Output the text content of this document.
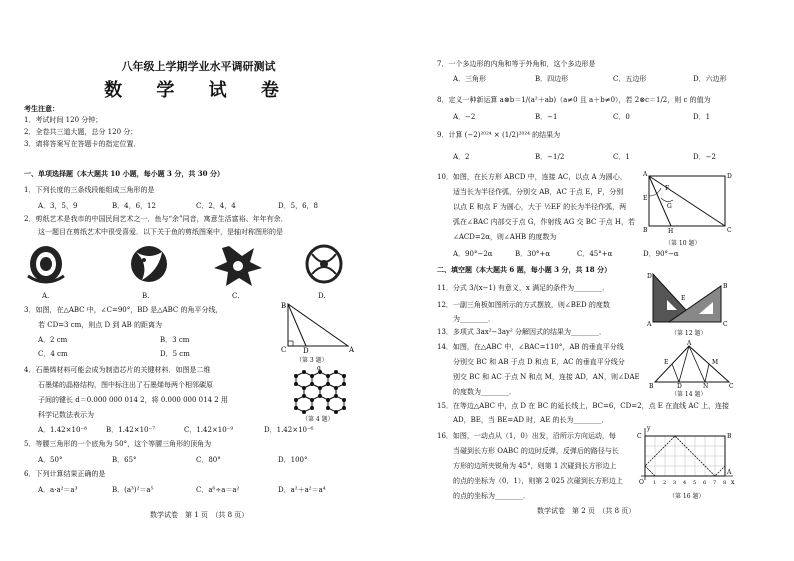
八年级上学期学业水平调研测试
数 学 试 卷
考生注意：
1．考试时间 120 分钟；
2．全卷共三道大题，总分 120 分；
3．请将答案写在答题卡的指定位置．
一、单项选择题（本大题共 10 小题，每小题 3 分，共 30 分）
1．下列长度的三条线段能组成三角形的是
A．3，5，9	B．4，6，12	C．2，4，4	D．5，6，8
2．剪纸艺术是我市的中国民间艺术之一．鱼与“余”同音，寓意生活富裕、年年有余．
这一题目在剪纸艺术中很受喜爱．以下关于鱼的剪纸图案中，是轴对称图形的是
A.	B.	C.	D.
3．如图，在△ABC 中，∠C=90°，BD 是△ABC 的角平分线，
若 CD=3 cm，则点 D 到 AB 的距离为
A．2 cm	B．3 cm
C．4 cm	D．5 cm
B
D
C	A
（第 3 题）
4．石墨烯材料可能会成为制造芯片的关键材料．如图是二维
石墨烯的晶格结构，图中标注出了石墨烯每两个相邻碳原
子间的键长 d＝0.000 000 014 2，将 0.000 000 014 2 用
科学记数法表示为
A．1.42×10⁻⁸	B．1.42×10⁻⁷	C．1.42×10⁻⁹	D．1.42×10⁻⁶
d
（第 4 题）
5．等腰三角形的一个底角为 50°，这个等腰三角形的顶角为
A．50°	B．65°	C．80°	D．100°
6．下列计算结果正确的是
A．a·a²＝a³	B．(a³)²＝a⁵	C．a⁶÷a＝a²	D．a²＋a²＝a⁴
数学试卷　第 1 页　（共 8 页）
7．一个多边形的内角和等于外角和，这个多边形是
A．三角形	B．四边形	C．五边形	D．六边形
8．定义一种新运算 a⊗b＝1/(a²＋ab)（a≠0 且 a＋b≠0），若 2⊗c＝1/2，则 c 的值为
A．−2	B．−1	C．0	D．1
9．计算 (−2)²⁰²⁴ × (1/2)²⁰²⁴ 的结果为
A．2	B．−1/2	C．1	D．−2
10．如图，在长方形 ABCD 中，连接 AC，以点 A 为圆心，
适当长为半径作弧，分别交 AB，AC 于点 E，F，分别
以点 E 和点 F 为圆心，大于 ½EF 的长为半径作弧，两
弧在∠BAC 内部交于点 G，作射线 AG 交 BC 于点 H，若
∠ACD=2α，则∠AHB 的度数为
A．90°−2α	B．30°+α	C．45°+α	D．90°−α
A	D
F
G
E
B	H	C
（第 10 题）
二、填空题（本大题共 6 题，每小题 3 分，共 18 分）
11．分式 3/(x−1) 有意义，x 满足的条件为________．
12．一副三角板如图所示的方式摆放，则∠BED 的度数
为________．
D
B
E
A	C
（第 12 题）
13．多项式 3ax²−3ay² 分解因式的结果为________．
14．如图，在△ABC 中，∠BAC=110°，AB 的垂直平分线
分别交 BC 和 AB 于点 D 和点 E，AC 的垂直平分线分
别交 BC 和 AC 于点 N 和点 M，连接 AD，AN，则∠DAE
的度数为________．
A
E	M
B	D	N	C
（第 14 题）
15．在等边△ABC 中，点 D 在 BC 的延长线上，BC=6，CD=2，点 E 在直线 AC 上，连接
AD，BE，当 BE=AD 时，AE 的长为________．
16．如图，一动点从（1，0）出发，沿所示方向运动，每
当碰到长方形 OABC 的边时反弹，反弹后的路径与长
方形的边所夹锐角为 45°，则第 1 次碰到长方形边上
的点的坐标为（0，1），则第 2 025 次碰到长方形边上
的点的坐标为________．
y
x
C	B
A
O 1 2 3 4 5 6 7 8
（第 16 题）
数学试卷　第 2 页　（共 8 页）
